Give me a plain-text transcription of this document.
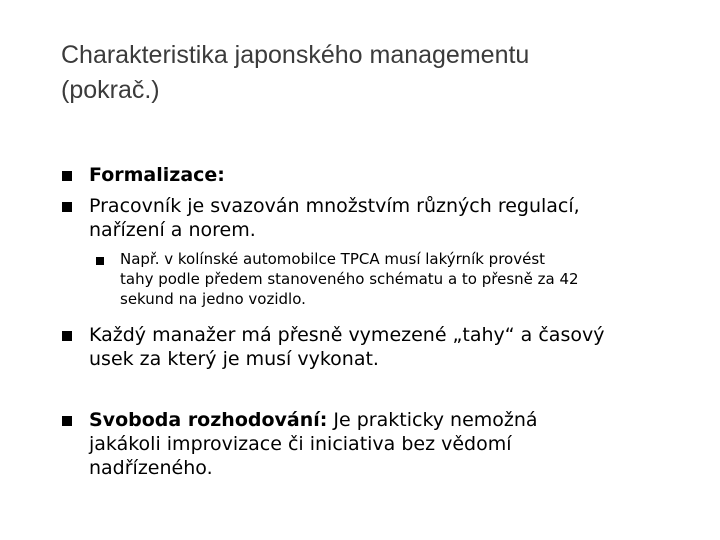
Charakteristika japonského managementu
(pokrač.)

Formalizace:

Pracovník je svazován množstvím různých regulací,

nařízení a norem.

Např. v kolínské automobilce TPCA musí lakýrník provést

tahy podle předem stanoveného schématu a to přesně za 42

sekund na jedno vozidlo.

Každý manažer má přesně vymezené „tahy“ a časový

usek za který je musí vykonat.

Svoboda rozhodování: Je prakticky nemožná

jakákoli improvizace či iniciativa bez vědomí

nadřízeného.
